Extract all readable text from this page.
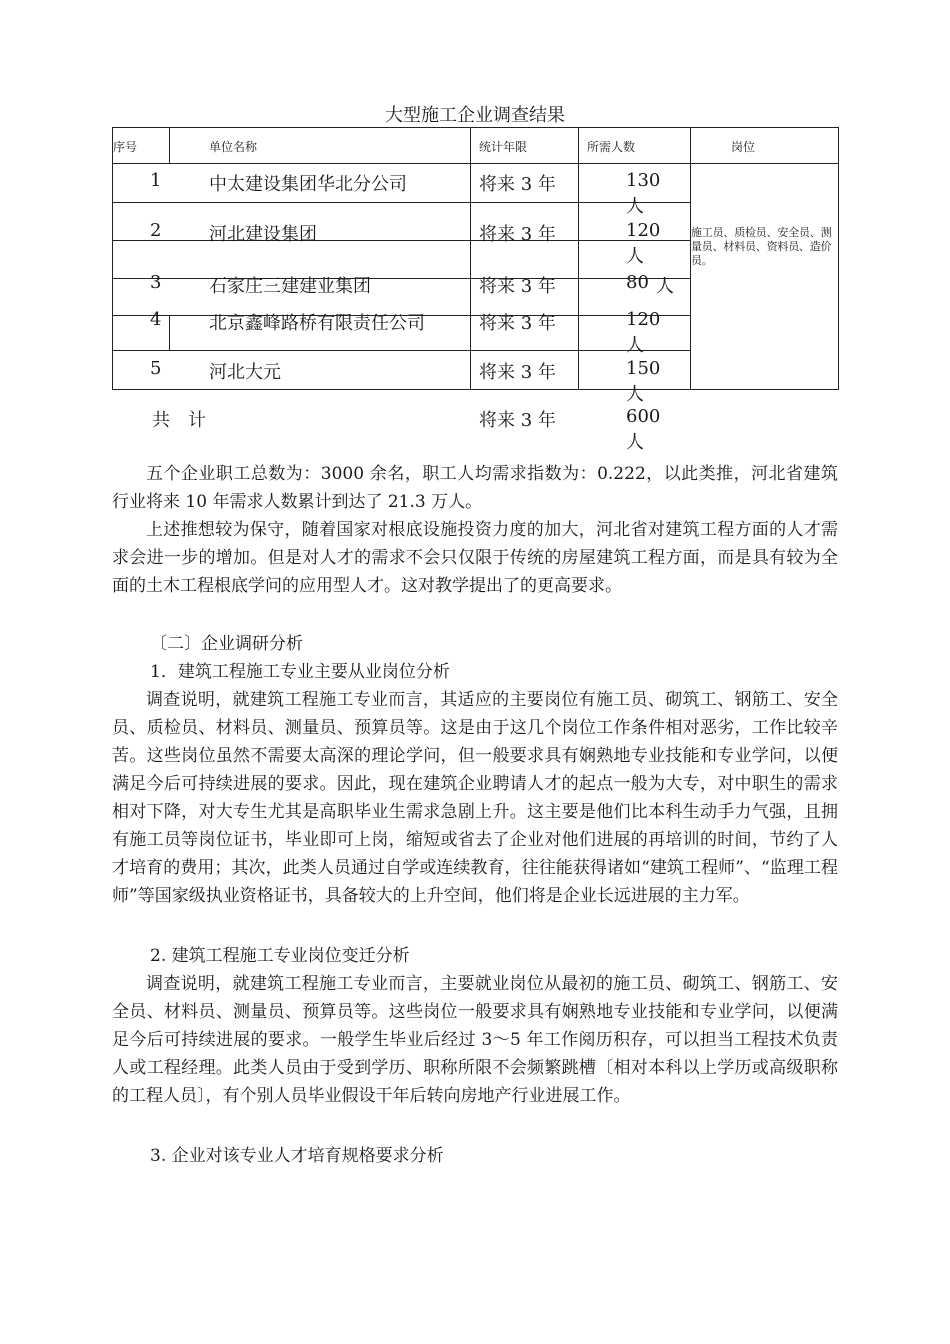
大型施工企业调查结果
序号	单位名称	统计年限	所需人数	岗位
1	中太建设集团华北分公司	将来 3 年	130
人
2	河北建设集团	将来 3 年	120
人
3	石家庄三建建业集团	将来 3 年	80 人
4	北京鑫峰路桥有限责任公司	将来 3 年	120
人
5	河北大元	将来 3 年	150
人
施工员、质检员、安全员、测量员、材料员、资料员、造价员。
共　计	将来 3 年	600
人
五个企业职工总数为：3000 余名，职工人均需求指数为：0.222，以此类推，河北省建筑行业将来 10 年需求人数累计到达了 21.3 万人。
上述推想较为保守，随着国家对根底设施投资力度的加大，河北省对建筑工程方面的人才需求会进一步的增加。但是对人才的需求不会只仅限于传统的房屋建筑工程方面，而是具有较为全面的土木工程根底学问的应用型人才。这对教学提出了的更高要求。
〔二〕企业调研分析
1．建筑工程施工专业主要从业岗位分析
调查说明，就建筑工程施工专业而言，其适应的主要岗位有施工员、砌筑工、钢筋工、安全员、质检员、材料员、测量员、预算员等。这是由于这几个岗位工作条件相对恶劣，工作比较辛苦。这些岗位虽然不需要太高深的理论学问，但一般要求具有娴熟地专业技能和专业学问，以便满足今后可持续进展的要求。因此，现在建筑企业聘请人才的起点一般为大专，对中职生的需求相对下降，对大专生尤其是高职毕业生需求急剧上升。这主要是他们比本科生动手力气强，且拥有施工员等岗位证书，毕业即可上岗，缩短或省去了企业对他们进展的再培训的时间，节约了人才培育的费用；其次，此类人员通过自学或连续教育，往往能获得诸如“建筑工程师”、“监理工程师”等国家级执业资格证书，具备较大的上升空间，他们将是企业长远进展的主力军。
2. 建筑工程施工专业岗位变迁分析
调查说明，就建筑工程施工专业而言，主要就业岗位从最初的施工员、砌筑工、钢筋工、安全员、材料员、测量员、预算员等。这些岗位一般要求具有娴熟地专业技能和专业学问，以便满足今后可持续进展的要求。一般学生毕业后经过 3～5 年工作阅历积存，可以担当工程技术负责人或工程经理。此类人员由于受到学历、职称所限不会频繁跳槽〔相对本科以上学历或高级职称的工程人员〕，有个别人员毕业假设干年后转向房地产行业进展工作。
3. 企业对该专业人才培育规格要求分析
